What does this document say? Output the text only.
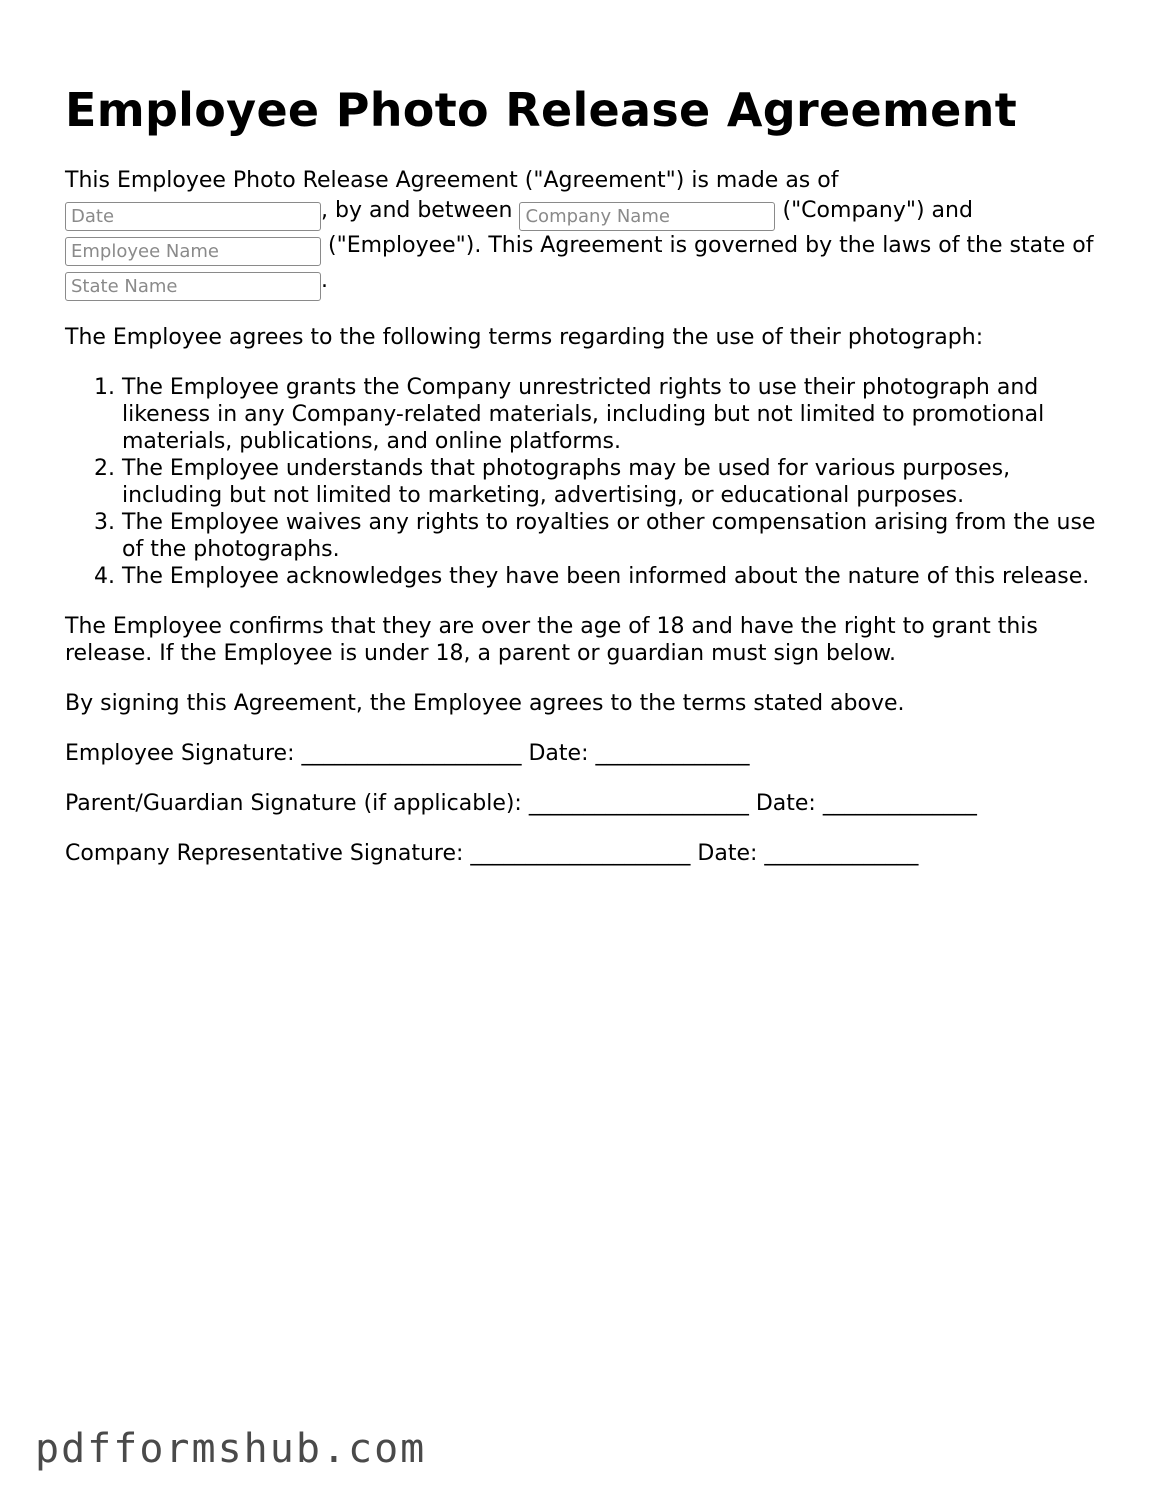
Employee Photo Release Agreement
This Employee Photo Release Agreement ("Agreement") is made as of
Date, by and between Company Name	("Company") and
Employee Name ("Employee"). This Agreement is governed by the laws of the state of State Name.

The Employee agrees to the following terms regarding the use of their photograph:

1. The Employee grants the Company unrestricted rights to use their photograph and likeness in any Company-related materials, including but not limited to promotional materials, publications, and online platforms.
2. The Employee understands that photographs may be used for various purposes, including but not limited to marketing, advertising, or educational purposes.
3. The Employee waives any rights to royalties or other compensation arising from the use of the photographs.
4. The Employee acknowledges they have been informed about the nature of this release.

The Employee confirms that they are over the age of 18 and have the right to grant this release. If the Employee is under 18, a parent or guardian must sign below.

By signing this Agreement, the Employee agrees to the terms stated above.

Employee Signature: ____________________ Date: ______________

Parent/Guardian Signature (if applicable): ____________________ Date: ______________

Company Representative Signature: ____________________ Date: ______________

pdfformshub.com
